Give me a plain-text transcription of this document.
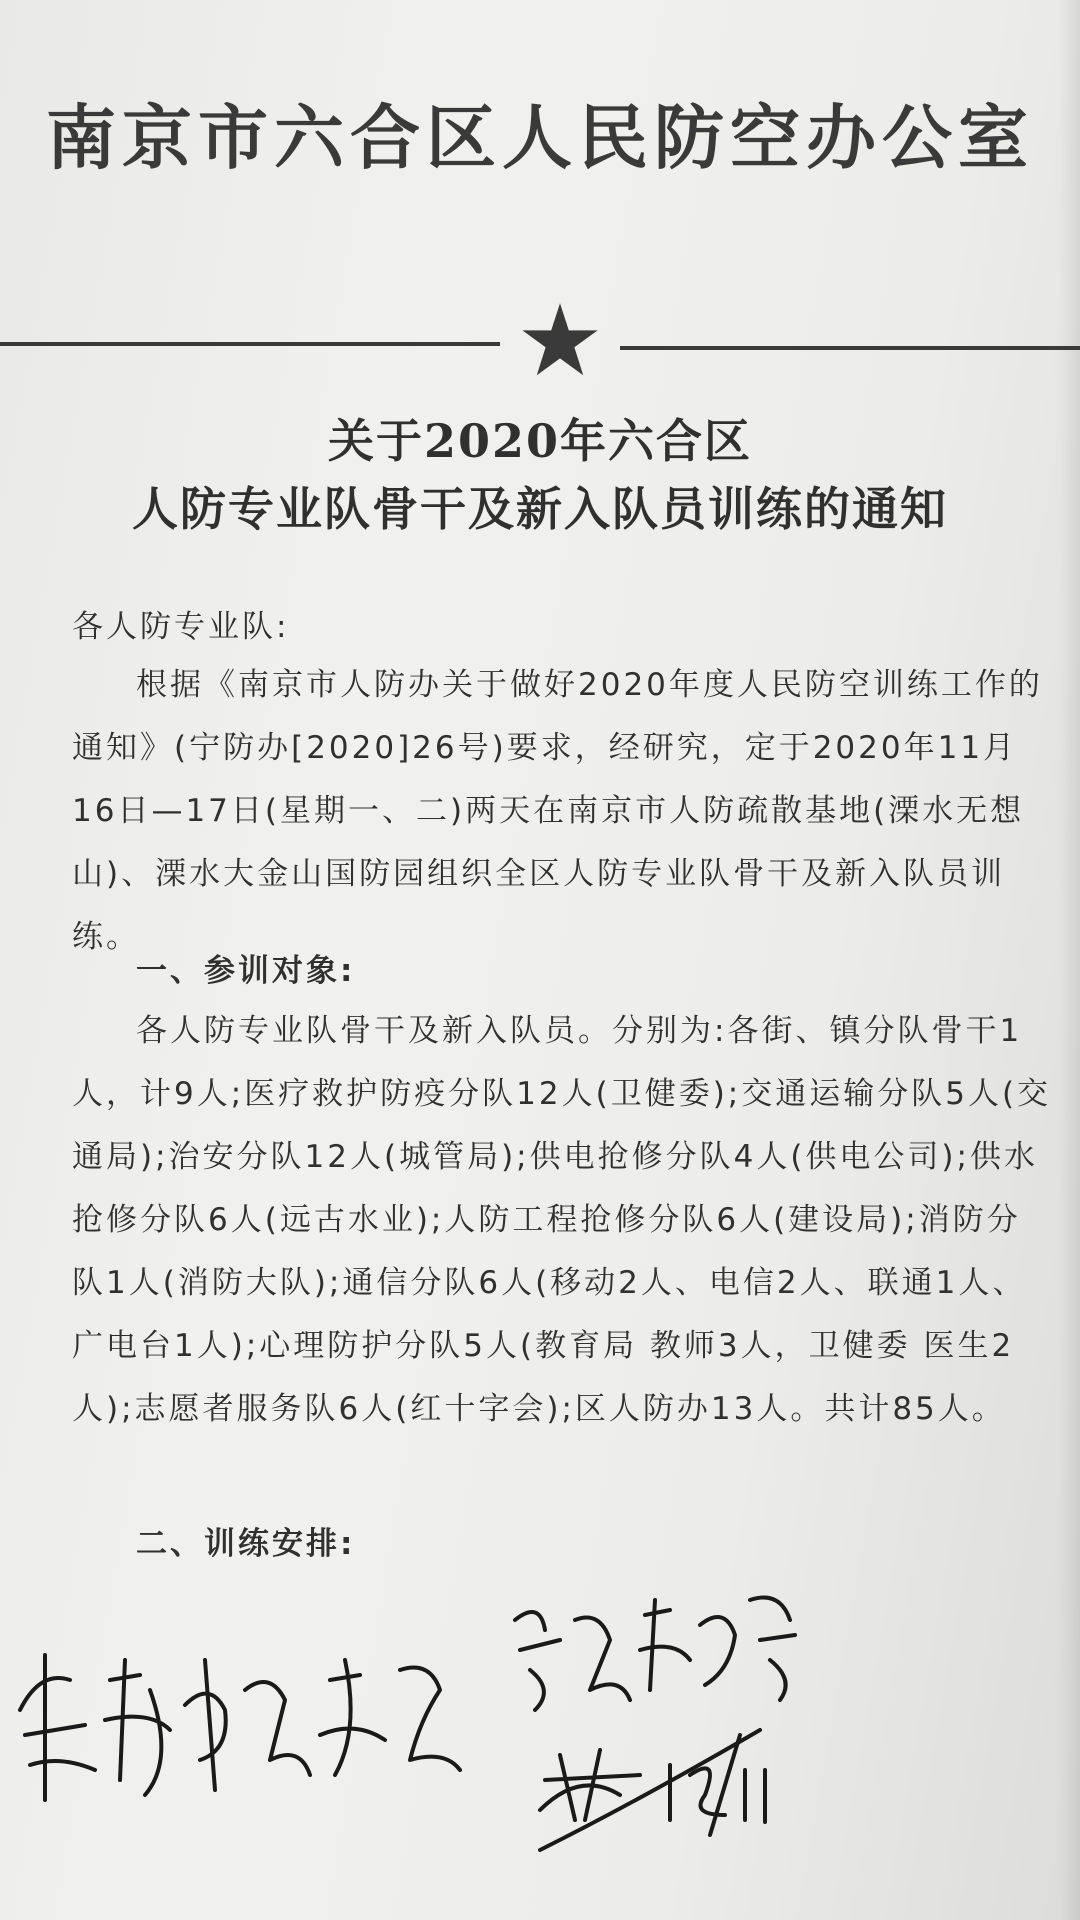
南京市六合区人民防空办公室
关于2020年六合区
人防专业队骨干及新入队员训练的通知
各人防专业队:
根据《南京市人防办关于做好2020年度人民防空训练工作的通知》(宁防办[2020]26号)要求，经研究，定于2020年11月16日—17日(星期一、二)两天在南京市人防疏散基地(溧水无想山)、溧水大金山国防园组织全区人防专业队骨干及新入队员训练。
一、参训对象:
各人防专业队骨干及新入队员。分别为:各街、镇分队骨干1人，计9人;医疗救护防疫分队12人(卫健委);交通运输分队5人(交通局);治安分队12人(城管局);供电抢修分队4人(供电公司);供水抢修分队6人(远古水业);人防工程抢修分队6人(建设局);消防分队1人(消防大队);通信分队6人(移动2人、电信2人、联通1人、广电台1人);心理防护分队5人(教育局 教师3人，卫健委 医生2人);志愿者服务队6人(红十字会);区人防办13人。共计85人。
二、训练安排:
